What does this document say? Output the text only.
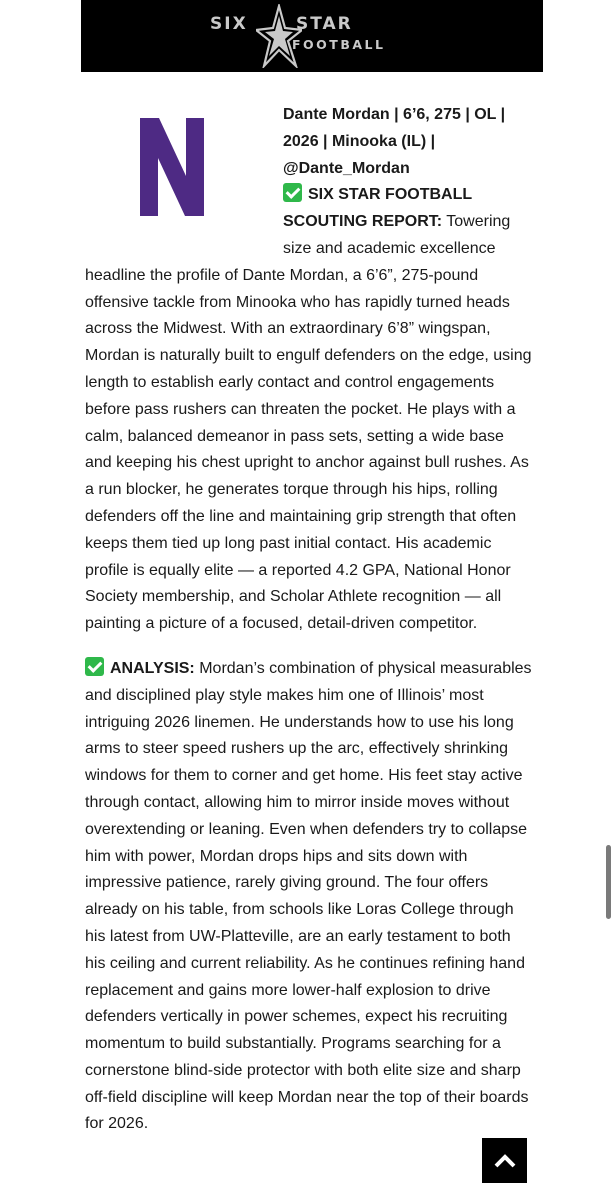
SIX	STAR
FOOTBALL

Dante Mordan | 6’6, 275 | OL | 2026 | Minooka (IL) | @Dante_Mordan
SIX STAR FOOTBALL SCOUTING REPORT: Towering size and academic excellence headline the profile of Dante Mordan, a 6’6”, 275-pound offensive tackle from Minooka who has rapidly turned heads across the Midwest. With an extraordinary 6’8” wingspan, Mordan is naturally built to engulf defenders on the edge, using length to establish early contact and control engagements before pass rushers can threaten the pocket. He plays with a calm, balanced demeanor in pass sets, setting a wide base and keeping his chest upright to anchor against bull rushes. As a run blocker, he generates torque through his hips, rolling defenders off the line and maintaining grip strength that often keeps them tied up long past initial contact. His academic profile is equally elite — a reported 4.2 GPA, National Honor Society membership, and Scholar Athlete recognition — all painting a picture of a focused, detail-driven competitor.

ANALYSIS: Mordan’s combination of physical measurables and disciplined play style makes him one of Illinois’ most intriguing 2026 linemen. He understands how to use his long arms to steer speed rushers up the arc, effectively shrinking windows for them to corner and get home. His feet stay active through contact, allowing him to mirror inside moves without overextending or leaning. Even when defenders try to collapse him with power, Mordan drops hips and sits down with impressive patience, rarely giving ground. The four offers already on his table, from schools like Loras College through his latest from UW-Platteville, are an early testament to both his ceiling and current reliability. As he continues refining hand replacement and gains more lower-half explosion to drive defenders vertically in power schemes, expect his recruiting momentum to build substantially. Programs searching for a cornerstone blind-side protector with both elite size and sharp off-field discipline will keep Mordan near the top of their boards for 2026.
